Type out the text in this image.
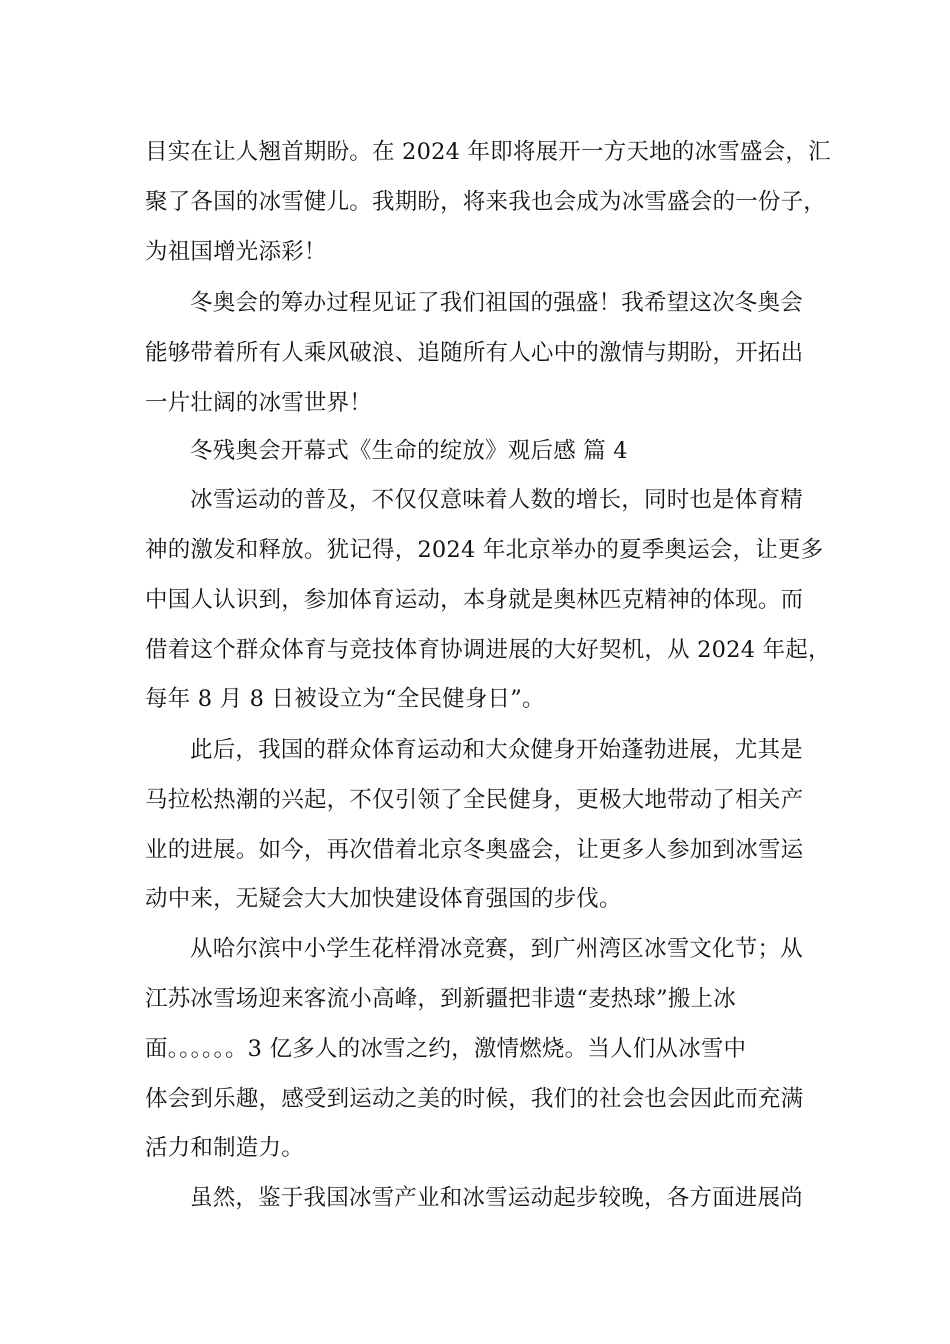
目实在让人翘首期盼。在 2024 年即将展开一方天地的冰雪盛会，汇
聚了各国的冰雪健儿。我期盼，将来我也会成为冰雪盛会的一份子，
为祖国增光添彩！
冬奥会的筹办过程见证了我们祖国的强盛！我希望这次冬奥会
能够带着所有人乘风破浪、追随所有人心中的激情与期盼，开拓出
一片壮阔的冰雪世界！
冬残奥会开幕式《生命的绽放》观后感 篇 4
冰雪运动的普及，不仅仅意味着人数的增长，同时也是体育精
神的激发和释放。犹记得，2024 年北京举办的夏季奥运会，让更多
中国人认识到，参加体育运动，本身就是奥林匹克精神的体现。而
借着这个群众体育与竞技体育协调进展的大好契机，从 2024 年起，
每年 8 月 8 日被设立为“全民健身日”。
此后，我国的群众体育运动和大众健身开始蓬勃进展，尤其是
马拉松热潮的兴起，不仅引领了全民健身，更极大地带动了相关产
业的进展。如今，再次借着北京冬奥盛会，让更多人参加到冰雪运
动中来，无疑会大大加快建设体育强国的步伐。
从哈尔滨中小学生花样滑冰竞赛，到广州湾区冰雪文化节；从
江苏冰雪场迎来客流小高峰，到新疆把非遗“麦热球”搬上冰
面。。。。。。3 亿多人的冰雪之约，激情燃烧。当人们从冰雪中
体会到乐趣，感受到运动之美的时候，我们的社会也会因此而充满
活力和制造力。
虽然，鉴于我国冰雪产业和冰雪运动起步较晚，各方面进展尚
